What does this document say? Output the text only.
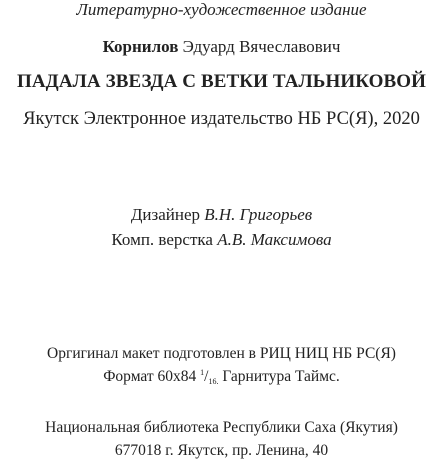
Литературно-художественное издание
Корнилов Эдуард Вячеславович
ПАДАЛА ЗВЕЗДА С ВЕТКИ ТАЛЬНИКОВОЙ
Якутск Электронное издательство НБ РС(Я), 2020
Дизайнер В.Н. Григорьев
Комп. верстка А.В. Максимова
Оргигинал макет подготовлен в РИЦ НИЦ НБ РС(Я)
Формат 60х84 $^1/_{16.}$ Гарнитура Таймс.
Национальная библиотека Республики Саха (Якутия)
677018 г. Якутск, пр. Ленина, 40
